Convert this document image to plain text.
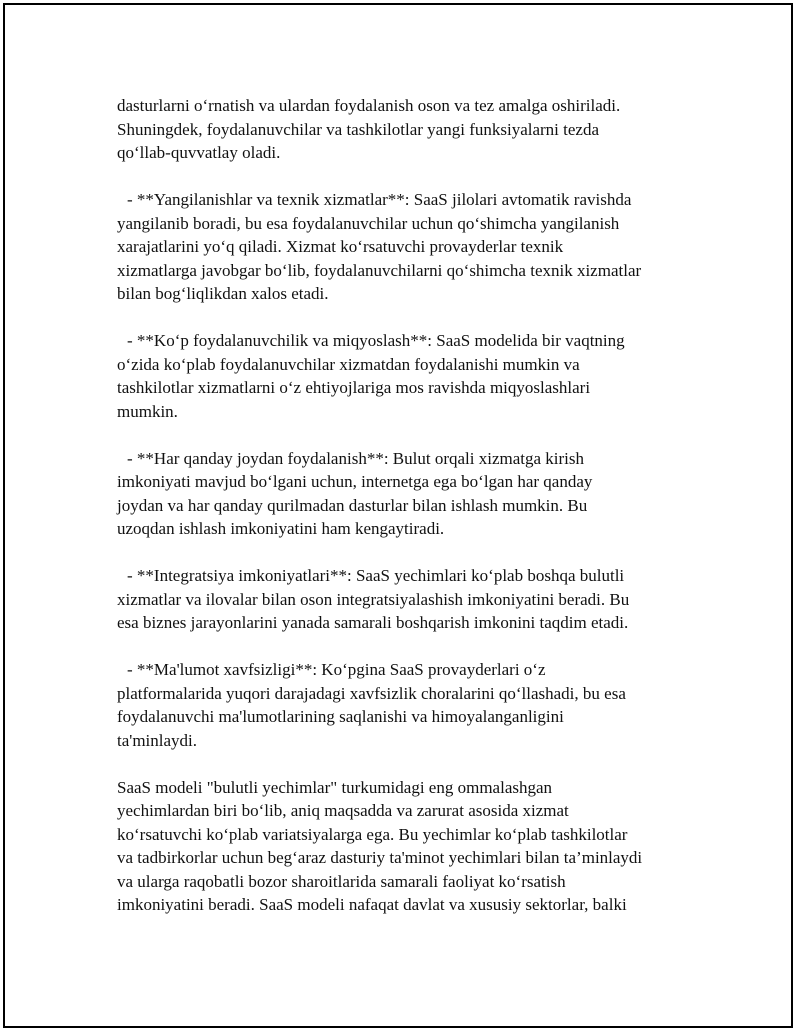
dasturlarni o‘rnatish va ulardan foydalanish oson va tez amalga oshiriladi.
Shuningdek, foydalanuvchilar va tashkilotlar yangi funksiyalarni tezda
qo‘llab-quvvatlay oladi.
- **Yangilanishlar va texnik xizmatlar**: SaaS jilolari avtomatik ravishda
yangilanib boradi, bu esa foydalanuvchilar uchun qo‘shimcha yangilanish
xarajatlarini yo‘q qiladi. Xizmat ko‘rsatuvchi provayderlar texnik
xizmatlarga javobgar bo‘lib, foydalanuvchilarni qo‘shimcha texnik xizmatlar
bilan bog‘liqlikdan xalos etadi.
- **Ko‘p foydalanuvchilik va miqyoslash**: SaaS modelida bir vaqtning
o‘zida ko‘plab foydalanuvchilar xizmatdan foydalanishi mumkin va
tashkilotlar xizmatlarni o‘z ehtiyojlariga mos ravishda miqyoslashlari
mumkin.
- **Har qanday joydan foydalanish**: Bulut orqali xizmatga kirish
imkoniyati mavjud bo‘lgani uchun, internetga ega bo‘lgan har qanday
joydan va har qanday qurilmadan dasturlar bilan ishlash mumkin. Bu
uzoqdan ishlash imkoniyatini ham kengaytiradi.
- **Integratsiya imkoniyatlari**: SaaS yechimlari ko‘plab boshqa bulutli
xizmatlar va ilovalar bilan oson integratsiyalashish imkoniyatini beradi. Bu
esa biznes jarayonlarini yanada samarali boshqarish imkonini taqdim etadi.
- **Ma'lumot xavfsizligi**: Ko‘pgina SaaS provayderlari o‘z
platformalarida yuqori darajadagi xavfsizlik choralarini qo‘llashadi, bu esa
foydalanuvchi ma'lumotlarining saqlanishi va himoyalanganligini
ta'minlaydi.
SaaS modeli "bulutli yechimlar" turkumidagi eng ommalashgan
yechimlardan biri bo‘lib, aniq maqsadda va zarurat asosida xizmat
ko‘rsatuvchi ko‘plab variatsiyalarga ega. Bu yechimlar ko‘plab tashkilotlar
va tadbirkorlar uchun beg‘araz dasturiy ta'minot yechimlari bilan ta’minlaydi
va ularga raqobatli bozor sharoitlarida samarali faoliyat ko‘rsatish
imkoniyatini beradi. SaaS modeli nafaqat davlat va xususiy sektorlar, balki
